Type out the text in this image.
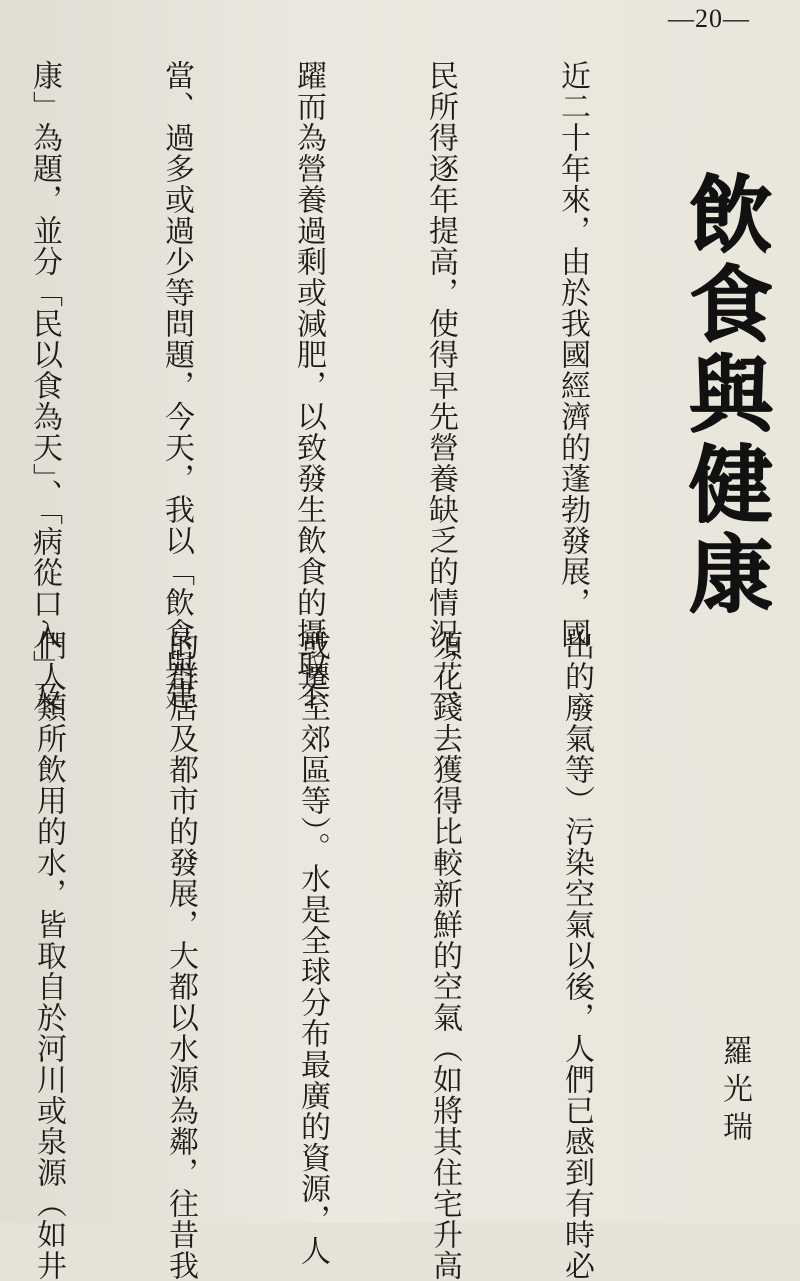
—20—
飲食與健康
羅光瑞

近二十年來，由於我國經濟的蓬勃發展，國

民所得逐年提高，使得早先營養缺乏的情況，一

躍而為營養過剩或減肥，以致發生飲食的攝取不

當、過多或過少等問題，今天，我以「飲食與建

康」為題，並分「民以食為天」、「病從口入」及

出的廢氣等）污染空氣以後，人們已感到有時必

須花錢去獲得比較新鮮的空氣（如將其住宅升高

或遷至郊區等）。水是全球分布最廣的資源，人

的群居及都市的發展，大都以水源為鄰，往昔我

們人類所飲用的水，皆取自於河川或泉源（如井
